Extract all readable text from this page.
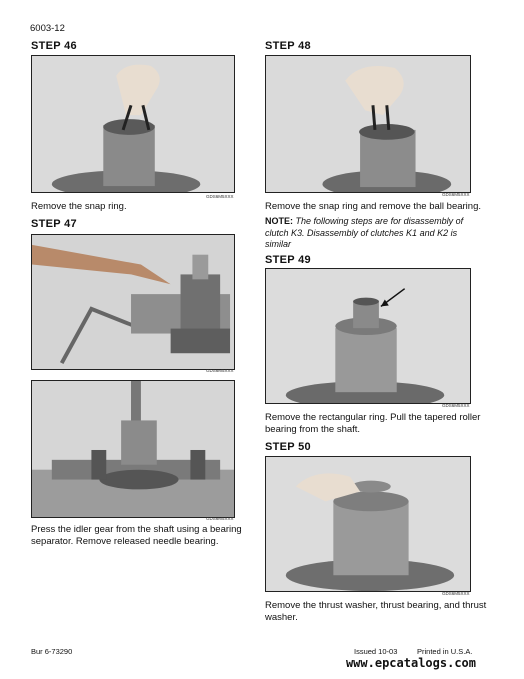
6003-12
STEP 46
GDS6M5XXX
Remove the snap ring.
STEP 47
GDS6M5XXX
GDS6M5XXX
Press the idler gear from the shaft using a bearing
separator. Remove released needle bearing.
STEP 48
GDS6M5XXX
Remove the snap ring and remove the ball bearing.
NOTE: The following steps are for disassembly of
clutch K3. Disassembly of clutches K1 and K2 is
similar
STEP 49
GDS6M5XXX
Remove the rectangular ring. Pull the tapered roller
bearing from the shaft.
STEP 50
GDS6M5XXX
Remove the thrust washer, thrust bearing, and thrust
washer.
Bur 6-73290	Issued 10-03	Printed in U.S.A.
www.epcatalogs.com
